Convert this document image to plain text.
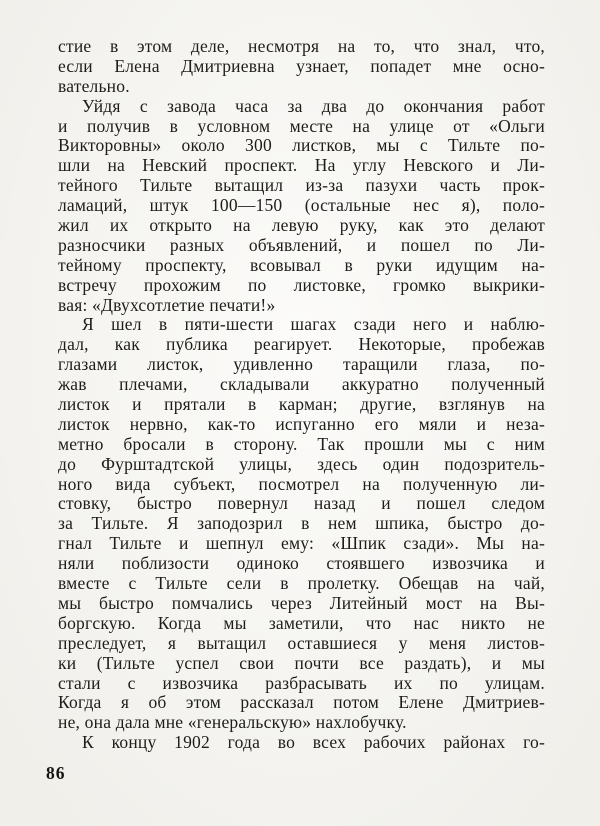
стие в этом деле, несмотря на то, что знал, что,
если Елена Дмитриевна узнает, попадет мне осно-
вательно.
Уйдя с завода часа за два до окончания работ
и получив в условном месте на улице от «Ольги
Викторовны» около 300 листков, мы с Тильте по-
шли на Невский проспект. На углу Невского и Ли-
тейного Тильте вытащил из-за пазухи часть прок-
ламаций, штук 100—150 (остальные нес я), поло-
жил их открыто на левую руку, как это делают
разносчики разных объявлений, и пошел по Ли-
тейному проспекту, всовывал в руки идущим на-
встречу прохожим по листовке, громко выкрики-
вая: «Двухсотлетие печати!»
Я шел в пяти-шести шагах сзади него и наблю-
дал, как публика реагирует. Некоторые, пробежав
глазами листок, удивленно таращили глаза, по-
жав плечами, складывали аккуратно полученный
листок и прятали в карман; другие, взглянув на
листок нервно, как-то испуганно его мяли и неза-
метно бросали в сторону. Так прошли мы с ним
до Фурштадтской улицы, здесь один подозритель-
ного вида субъект, посмотрел на полученную ли-
стовку, быстро повернул назад и пошел следом
за Тильте. Я заподозрил в нем шпика, быстро до-
гнал Тильте и шепнул ему: «Шпик сзади». Мы на-
няли поблизости одиноко стоявшего извозчика и
вместе с Тильте сели в пролетку. Обещав на чай,
мы быстро помчались через Литейный мост на Вы-
боргскую. Когда мы заметили, что нас никто не
преследует, я вытащил оставшиеся у меня листов-
ки (Тильте успел свои почти все раздать), и мы
стали с извозчика разбрасывать их по улицам.
Когда я об этом рассказал потом Елене Дмитриев-
не, она дала мне «генеральскую» нахлобучку.
К концу 1902 года во всех рабочих районах го-
86
